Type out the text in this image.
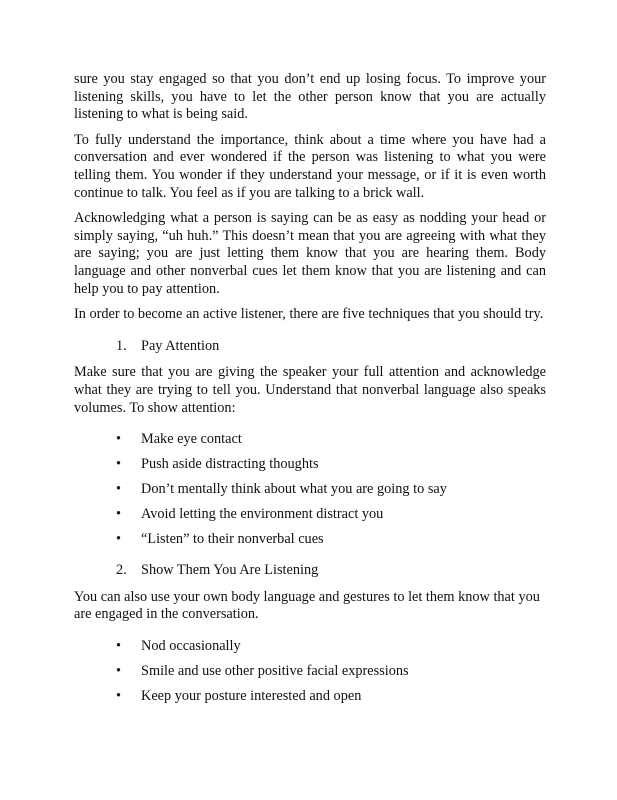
sure you stay engaged so that you don’t end up losing focus. To improve your listening skills, you have to let the other person know that you are actually listening to what is being said.

To fully understand the importance, think about a time where you have had a conversation and ever wondered if the person was listening to what you were telling them. You wonder if they understand your message, or if it is even worth continue to talk. You feel as if you are talking to a brick wall.

Acknowledging what a person is saying can be as easy as nodding your head or simply saying, “uh huh.” This doesn’t mean that you are agreeing with what they are saying; you are just letting them know that you are hearing them. Body language and other nonverbal cues let them know that you are listening and can help you to pay attention.

In order to become an active listener, there are five techniques that you should try.

1. Pay Attention

Make sure that you are giving the speaker your full attention and acknowledge what they are trying to tell you. Understand that nonverbal language also speaks volumes. To show attention:

• Make eye contact
• Push aside distracting thoughts
• Don’t mentally think about what you are going to say
• Avoid letting the environment distract you
• “Listen” to their nonverbal cues
2. Show Them You Are Listening

You can also use your own body language and gestures to let them know that you are engaged in the conversation.

• Nod occasionally
• Smile and use other positive facial expressions
• Keep your posture interested and open
